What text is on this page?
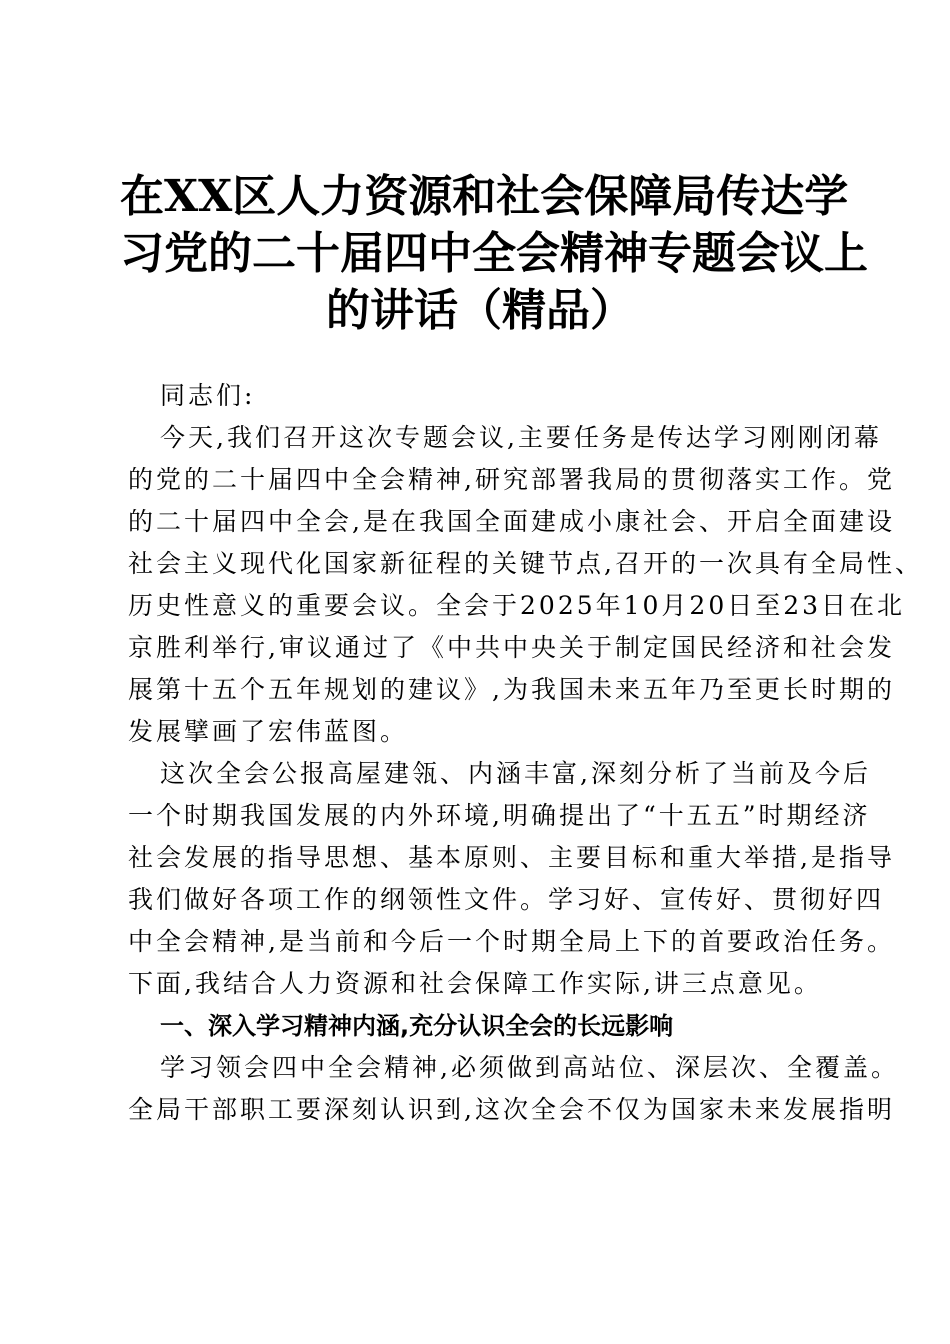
在XX区人力资源和社会保障局传达学
习党的二十届四中全会精神专题会议上
的讲话（精品）
同志们:
今天,我们召开这次专题会议,主要任务是传达学习刚刚闭幕
的党的二十届四中全会精神,研究部署我局的贯彻落实工作。党
的二十届四中全会,是在我国全面建成小康社会、开启全面建设
社会主义现代化国家新征程的关键节点,召开的一次具有全局性、
历史性意义的重要会议。全会于2025年10月20日至23日在北
京胜利举行,审议通过了《中共中央关于制定国民经济和社会发
展第十五个五年规划的建议》,为我国未来五年乃至更长时期的
发展擘画了宏伟蓝图。
这次全会公报高屋建瓴、内涵丰富,深刻分析了当前及今后
一个时期我国发展的内外环境,明确提出了“十五五”时期经济
社会发展的指导思想、基本原则、主要目标和重大举措,是指导
我们做好各项工作的纲领性文件。学习好、宣传好、贯彻好四
中全会精神,是当前和今后一个时期全局上下的首要政治任务。
下面,我结合人力资源和社会保障工作实际,讲三点意见。
一、深入学习精神内涵,充分认识全会的长远影响
学习领会四中全会精神,必须做到高站位、深层次、全覆盖。
全局干部职工要深刻认识到,这次全会不仅为国家未来发展指明
